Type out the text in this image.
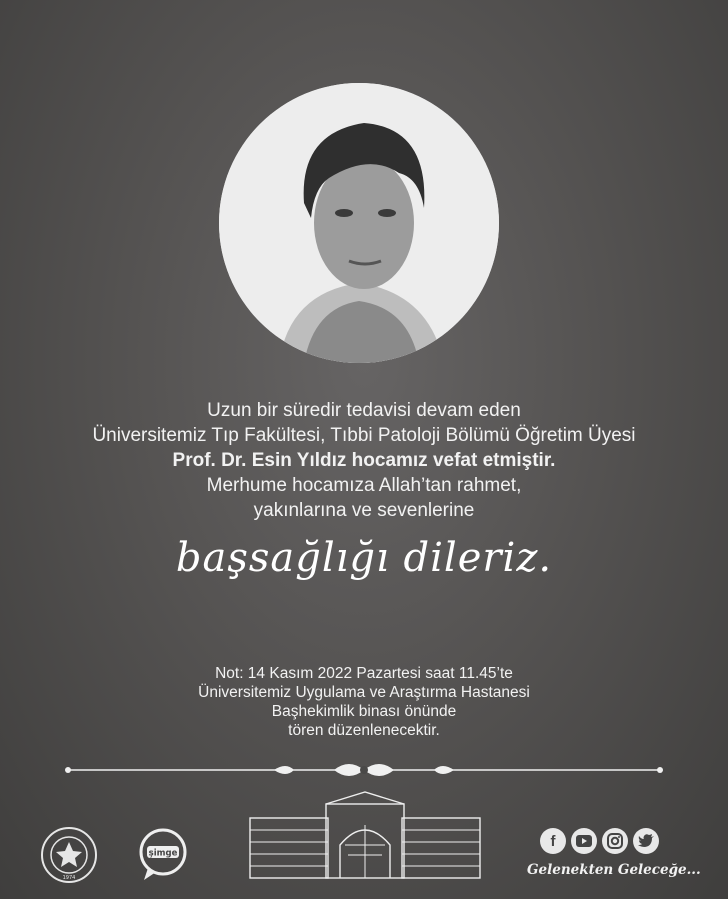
Uzun bir süredir tedavisi devam eden
Üniversitemiz Tıp Fakültesi, Tıbbi Patoloji Bölümü Öğretim Üyesi
Prof. Dr. Esin Yıldız hocamız vefat etmiştir.
Merhume hocamıza Allah’tan rahmet,
yakınlarına ve sevenlerine
başsağlığı dileriz.
Not: 14 Kasım 2022 Pazartesi saat 11.45’te
Üniversitemiz Uygulama ve Araştırma Hastanesi
Başhekimlik binası önünde
tören düzenlenecektir.
1974
şimge
f
Gelenekten Geleceğe...
